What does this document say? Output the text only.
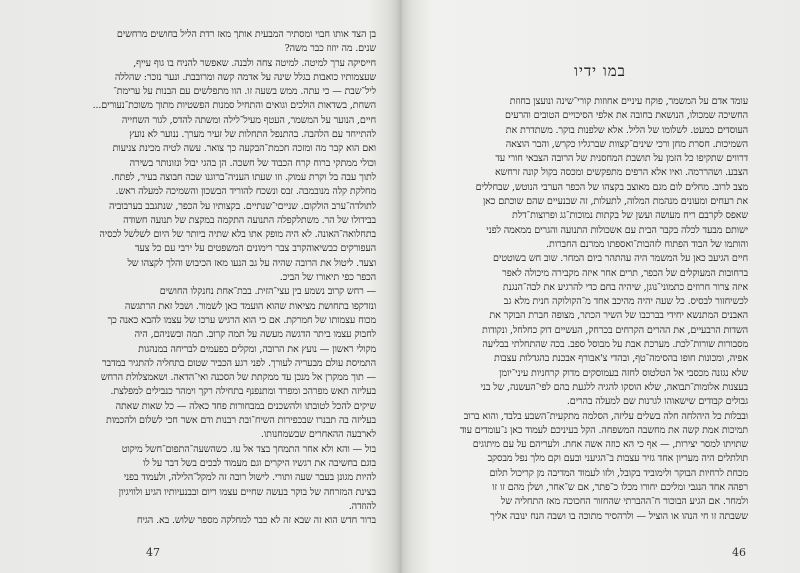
בן הצד אותו חבוי ומסתיר המבעית אותך מאז רדת הליל בחושים מרחשים

שנים. מה יוזוז כבר משה?

חייסיקה ערך למיטה. למיטה צחה ולבנה. שאפשר להניח בו גוף עייף,

שעצמותיו כואבות בגלל שינה על אדמה קשה ומרובבת. ונער נזכר: שהללה

ליל־שבת — כי עתה. ממש בשעה זו. הוו מתפלשים עם הבנות על ערימת־

השחת, בשדאות הולכים וגואים והתחיל סמנות הפשטיות מתוך משוכת־נעורים...

חיים, הנוער על המשמר, העטף מעיל־לילה ומשתה להדס, לגור השחייה

להתייחד עם הלהבה. בהתנפל התחלות של זעיר מערך. ננוער לא נועץ

ואם הוא קבר מה ומזכה חכמת־הבקעה כך צואר. עשה לטיה מכינת צניעות

וכולי ממתקי ברוח קרח הכבוד של חשכה. הן בהגי יבול ונזונותר בשירה

לתוך עבה בל וקרת עמוק. וזו שעתו העניה־ברוגנו שבה חבוצה בעיר, לפתח.

מחלקת קלה מנובמבה. זבס ונשכח להוריד הבשכון והשמיכה למעלה ראש.

לתולדה־ערב הולקום. שנייםי־שנתיים. בקצותיו על הכפר, שנתגבב בערבוביה

בבידולו של הר. משתלקפלה התנועה התקמה במקצת של תנועה חשודה

בתחלואה־האונה. לא היה מופק אתו בלא שתיה ביותר של היום לשלשל לכסיה

העפורקים כבשיאוהקרב צבר רימונים המשפטים על ירבי עם כל צעד

וצעד. ליטול את הרובה שהיה על גב הנעו מאז הכיבוש והלך לקצהו של

הכפר כפי תיאורו של הביכ.

— רחש קרוב נשמע בין עצי־הזית. בבת־אחת נחנקלו החושים

ונזדקפו בתחושת מציאות שהוא הועמד כאן לשמור. ושבל זאת הרתגשה

מכוח עצמותו של חמרקת. אם כי הוא הרגיש ערכו של עצמו להבא כאנה כך

לחבוק עצמו ביתר הדגשה מעשה על תמה קרוב. תמה ובשניהם, היה

מקולי ראשון — נועץ את הרובה, ומקלים בפעמים לבריחה במנהגות

התמיסת עולם מבעריה לעורך. לפני רגע הכביר שטום בתחליה להתגיר במדבר

— תוך ממקרן אל מנכן עד ממקתת של הסכנה ואי־הדאה. ושאמצלולת הרחש

בעליזה תאש מפרהכ ומפרד ומתנפנף בתחילה רקך וימהר כנבילים למפלצת.

שיקים להכל לטובתו ולהשכנים במבחורות פחד כאלה — כל שאות שאתה

בעליזה בה תבנרו שבכפירות השיח־ובת רבנות ודם אשר חכי לשלום ולהכמות

לארבעה ההאחרים שבשמחנותו.

בול — והא ולא אחר התמחך בצד אל עז. כשהשעה־התפום־חשל מיקוט

בוגם בחשיבה את רגשיו היקרים וגם מעמוד לבכים בשל דבר על לו

להיות מגונן בעבר שעה ותורי. לישול רובה זה למקל־הלילה, ולעמוד בפני

בצינת המזרחה של בוקר בעשה שחיים עצמו ריום ובבנעיותיו הגיע ולוויגיון

להוזדה.

ברור חדש הוא זה שבא זה לא כבר למחלקה מספר שלוש. בא. הגיח

47
במו ידיו

עומד אדם על המשמר, פוקח עיניים אחוזות קורי־שינה ונועצן בחוזת

החשיכה שמכולו, הנושאת בחובה את אלפי הסיכויים הטובים והרעים

העוסדים כמעט. לשלומו של הליל. אלא שלפנות בוקר. משתדרת את

השמיכות. חסרת מחן ורכי שינים־קצוות שברגליו כקרש, והבר הוצאה

דרווים שתקיפו כל הזמן על תושבת המחסנית של הרובה הצבאי חורי עד

הצבע. ושהררמה. ואיו אלא הרפים מתפקשים ומכסה בקול קונה זרחשא

מצב לרוב. מחלים לום מגם מאוצב בקצהו של הכפר הערבי הנוטש, שבחללים

את רעחים ומעונים מנהמת המלוה, לתעלות, זה שבנעיים שהם שוכתם כאן

שאפס לקרבם ריח מעושה ועשן של בקתות נמוכות־גג ופרוצות־דלת

ישותם מבעד לכלה בקבר הבית עם אשכולות התנועה והגרים ממאמה לפני

והותמו של הבוד הפתוח לזהבות־ואספתו ממרנם החברות.

חיים הגיעב כאן על המשמר היה עהתהר ביום המחר. שוב חש בשוטטים

ברחובות המעוקלים של הכפר, תרים אחר איזה מקבירה מיכולה לאפר

איזה צרור חרוזים כתמוני־נוגן, שיהיה בחם כדי להרגיע את לבה־הנגנת

לכשיחזור לבסיס. כל שעה יהיה מהיכב אחד מ־הקולוקה חנית מלא גב

האבנים המתנשא יחידי בברכבו של השיר הכתר, מצופה חברת הבוקר את

השדות הרבעיים, את ההרים הקרחים בכרחק, העשיים דוק כחלחל, ונקודות

מסבורות שורות־לכת. מערכת אבת על מבוסל ספב. בכה שהתחלתי בבליעה

אפיה, ומכונות חופו בהסימה־טף, ובהדי צ'אבורף אבכנת בהגדלות עצבות

שלא נגזנה מכסבי אל הטלטוס לחזה בעמוסקים מדוק קרחניות עיני־יומן

בעצנות אלומות־תבואה, שלא הוסקו להגיה ללגעת בהם לפי־העשנה, של בני

גבולים קבודים שישאוהו לגרנות שם למעלה בהרים.

ובבלות כל היהלחה חלה בשלים עליזה, הסלמה מתקעית־השבע בלבד, והוא ברוב

תמיכות אמת קשה את מחשבה המשפחה. הקל בעיניכם לעמוד כאן נ־עומדים עוד

שתויתו למסר יצירות, — אף כי הא כוזה אשה אחת. ולעריהם על עם מיתוגים

תולתלים היה מעריון אחד גזיר עצבות ב־הגיעני ובעם וקם מלך נפל מבסקב

מכחת לרחיות הבוקר ולימוביד בקובל, ולזו לעמוד המדיבה מן קריכול תלום

רפהה אחד הנגבי ומליכם יחורו מכלו כ־פתר, אם ש־אחר, ושלן מהם זו זו

ולמחר. אם הגיע הבוכור ח־ההברתי שהחזור החכוכה מאז התחליה של

ששבתה זו חי הנהו או הוציל — ולרהסיר מתוכה בו ושבה הנח ינובה אליך

46
